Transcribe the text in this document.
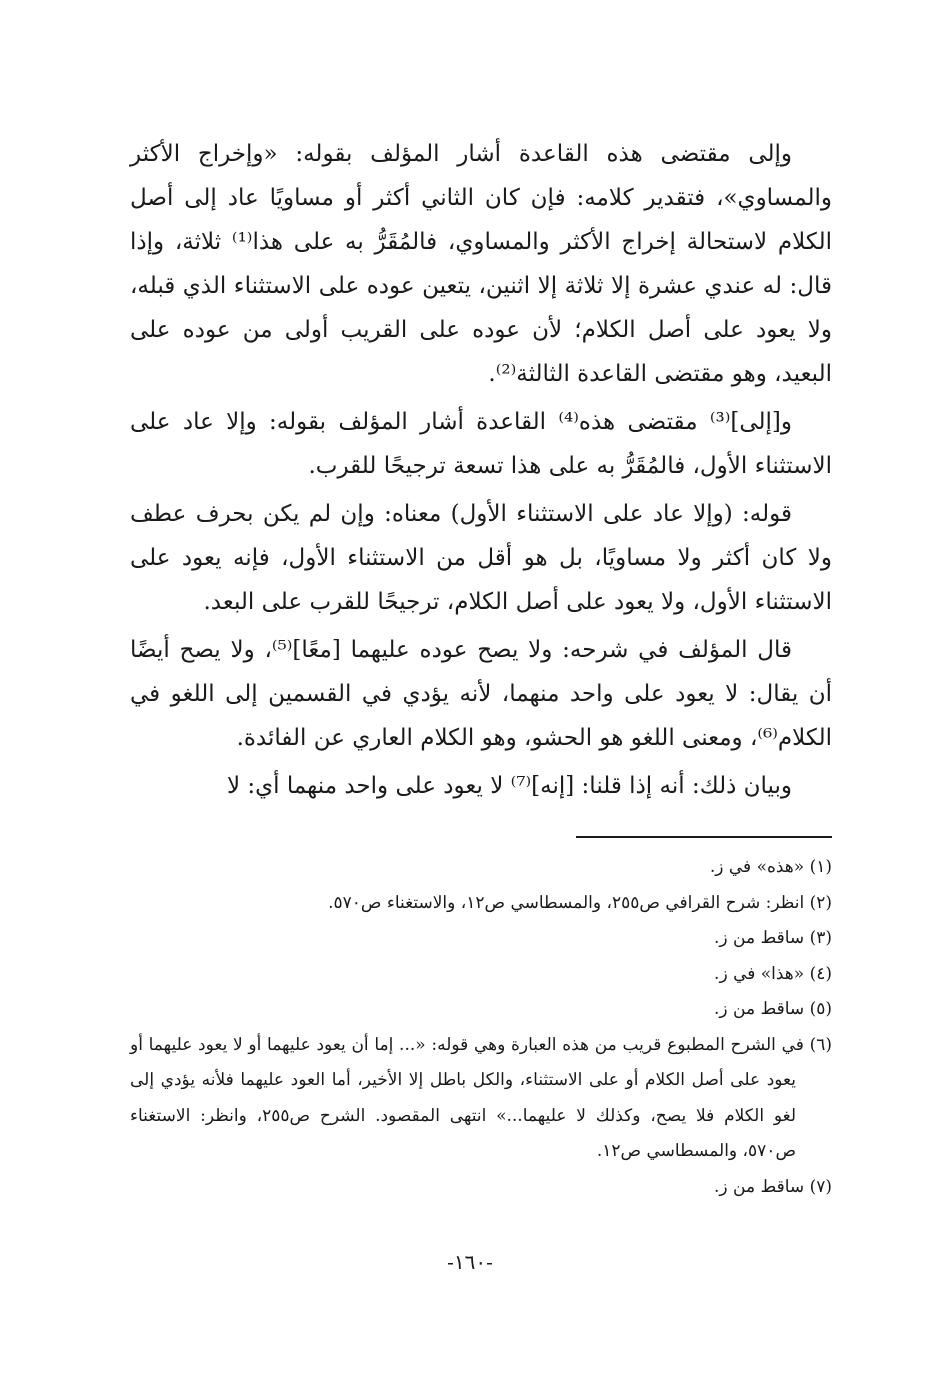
وإلى مقتضى هذه القاعدة أشار المؤلف بقوله: «وإخراج الأكثر والمساوي»، فتقدير كلامه: فإن كان الثاني أكثر أو مساويًا عاد إلى أصل الكلام لاستحالة إخراج الأكثر والمساوي، فالمُقَرُّ به على هذا⁽¹⁾ ثلاثة، وإذا قال: له عندي عشرة إلا ثلاثة إلا اثنين، يتعين عوده على الاستثناء الذي قبله، ولا يعود على أصل الكلام؛ لأن عوده على القريب أولى من عوده على البعيد، وهو مقتضى القاعدة الثالثة⁽²⁾.

و[إلى]⁽³⁾ مقتضى هذه⁽⁴⁾ القاعدة أشار المؤلف بقوله: وإلا عاد على الاستثناء الأول، فالمُقَرُّ به على هذا تسعة ترجيحًا للقرب.

قوله: (وإلا عاد على الاستثناء الأول) معناه: وإن لم يكن بحرف عطف ولا كان أكثر ولا مساويًا، بل هو أقل من الاستثناء الأول، فإنه يعود على الاستثناء الأول، ولا يعود على أصل الكلام، ترجيحًا للقرب على البعد.

قال المؤلف في شرحه: ولا يصح عوده عليهما [معًا]⁽⁵⁾، ولا يصح أيضًا أن يقال: لا يعود على واحد منهما، لأنه يؤدي في القسمين إلى اللغو في الكلام⁽⁶⁾، ومعنى اللغو هو الحشو، وهو الكلام العاري عن الفائدة.

وبيان ذلك: أنه إذا قلنا: [إنه]⁽⁷⁾ لا يعود على واحد منهما أي: لا

(١) «هذه» في ز.

(٢) انظر: شرح القرافي ص٢٥٥، والمسطاسي ص١٢، والاستغناء ص٥٧٠.

(٣) ساقط من ز.

(٤) «هذا» في ز.

(٥) ساقط من ز.

(٦) في الشرح المطبوع قريب من هذه العبارة وهي قوله: «... إما أن يعود عليهما أو لا يعود عليهما أو يعود على أصل الكلام أو على الاستثناء، والكل باطل إلا الأخير، أما العود عليهما فلأنه يؤدي إلى لغو الكلام فلا يصح، وكذلك لا عليهما...» انتهى المقصود. الشرح ص٢٥٥، وانظر: الاستغناء ص٥٧٠، والمسطاسي ص١٢.

(٧) ساقط من ز.

-١٦٠-
